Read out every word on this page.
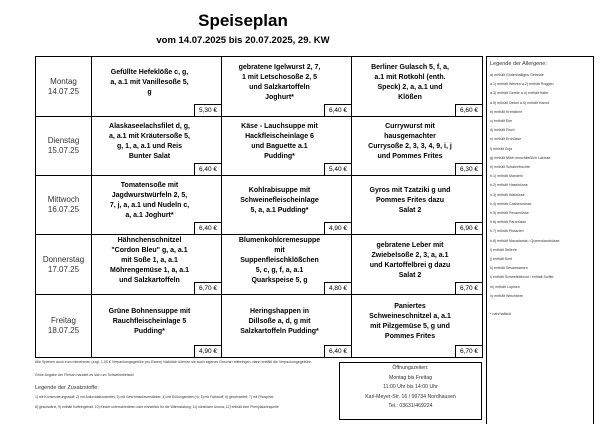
Speiseplan
vom 14.07.2025 bis 20.07.2025, 29. KW
Montag
14.07.25
Gefüllte Hefeklöße c, g, a, a.1 mit Vanillesoße 5, g
5,30 €
gebratene Igelwurst 2, 7, 1 mit Letschosoße 2, 5 und Salzkartoffeln Joghurt*
6,40 €
Berliner Gulasch 5, f, a, a.1 mit Rotkohl (enth. Speck) 2, a, a.1 und Klößen
6,60 €
Dienstag
15.07.25
Alaskaseelachsfilet d, g, a, a.1 mit Kräutersoße 5, g, 1, a, a.1 und Reis Bunter Salat
6,40 €
Käse - Lauchsuppe mit Hackfleischeinlage 6 und Baguette a.1 Pudding*
5,40 €
Currywurst mit hausgemachter Currysoße 2, 3, 3, 4, 9, i, j und Pommes Frites
6,30 €
Mittwoch
16.07.25
Tomatensoße mit Jagdwurstwürfeln 2, 5, 7, j, a, a.1 und Nudeln c, a, a.1 Joghurt*
6,40 €
Kohlrabisuppe mit Schweinefleischeinlage 5, a, a.1 Pudding*
4,90 €
Gyros mit Tzatziki g und Pommes Frites dazu Salat 2
6,90 €
Donnerstag
17.07.25
Hähnchenschnitzel "Cordon Bleu" g, a, a.1 mit Soße 1, a, a.1 Möhrengemüse 1, a, a.1 und Salzkartoffeln
6,70 €
Blumenkohlcremesuppe mit Suppenfleischklößchen 5, c, g, f, a, a.1 Quarkspeise 5, g
4,80 €
gebratene Leber mit Zwiebelsoße 2, 3, a, a.1 und Kartoffelbrei g dazu Salat 2
6,70 €
Freitag
18.07.25
Grüne Bohnensuppe mit Rauchfleischeinlage 5 Pudding*
4,90 €
Heringshappen in Dillsoße a, d, g mit Salzkartoffeln Pudding*
6,40 €
Paniertes Schweineschnitzel a, a.1 mit Pilzgemüse 5, g und Pommes Frites
6,70 €
Legende der Allergene:
a) enthält Glutenhaltiges Getreide
a.1) enthält Weizen a.2) enthält Roggen
a.3) enthält Gerste a.4) enthält Hafer
a.5) enthält Dinkel a.6) enthält Kamut
b) enthält Krebstiere
c) enthält Eier
d) enthält Fisch
e) enthält Erdnüsse
f) enthält Soja
g) enthält Milch einschließlich Laktose
h) enthält Schalenfrüchte
h.1) enthält Mandeln
h.2) enthält Haselnüsse
h.3) enthält Walnüsse
h.4) enthält Cashewnüsse
h.5) enthält Pecannüsse
h.6) enthält Paranüsse
h.7) enthält Pistazien
h.8) enthält Macadamia / Queenslandnüsse
i) enthält Sellerie
j) enthält Senf
k) enthält Sesamsamen
l) enthält Schwefeldioxid / enthält Sulfite
m) enthält Lupinen
n) enthält Weichtiere

* nahrhaftkult
Alle Speisen auch zum mitnehmen (zzgl. 1,00 € Verpackungsgebühr pro Essen) Natürlich können sie auch eigenes Geschirr mitbringen, dann entfällt die Verpackungsgebühr.
Ohne Angabe der Fleisch handelt es sich um Schweinefleisch!
Legende der Zusatzstoffe:
1) mit Konservierungsstoff; 2) mit Antioxidationsmittel; 3) mit Geschmacksverstärker; 4) mit Süßungsmittel (n); 5) mit Farbstoff; 6) geschwefelt; 7) mit Phosphat;
8) geschwärzt; 9) enthält Koffeingehalt; 10) Kinder unterschiedeten oder einheitlich für die Wärmstatung; 11) künstliche Aroma; 12) enthält eine Phenylalaninquelle
Öffnungszeiten:
Montag bis Freitag
11:00 Uhr bis 14:00 Uhr
Karl-Meyer-Str. 16 / 99734 Nordhausen
Tel.: 03631/469224
